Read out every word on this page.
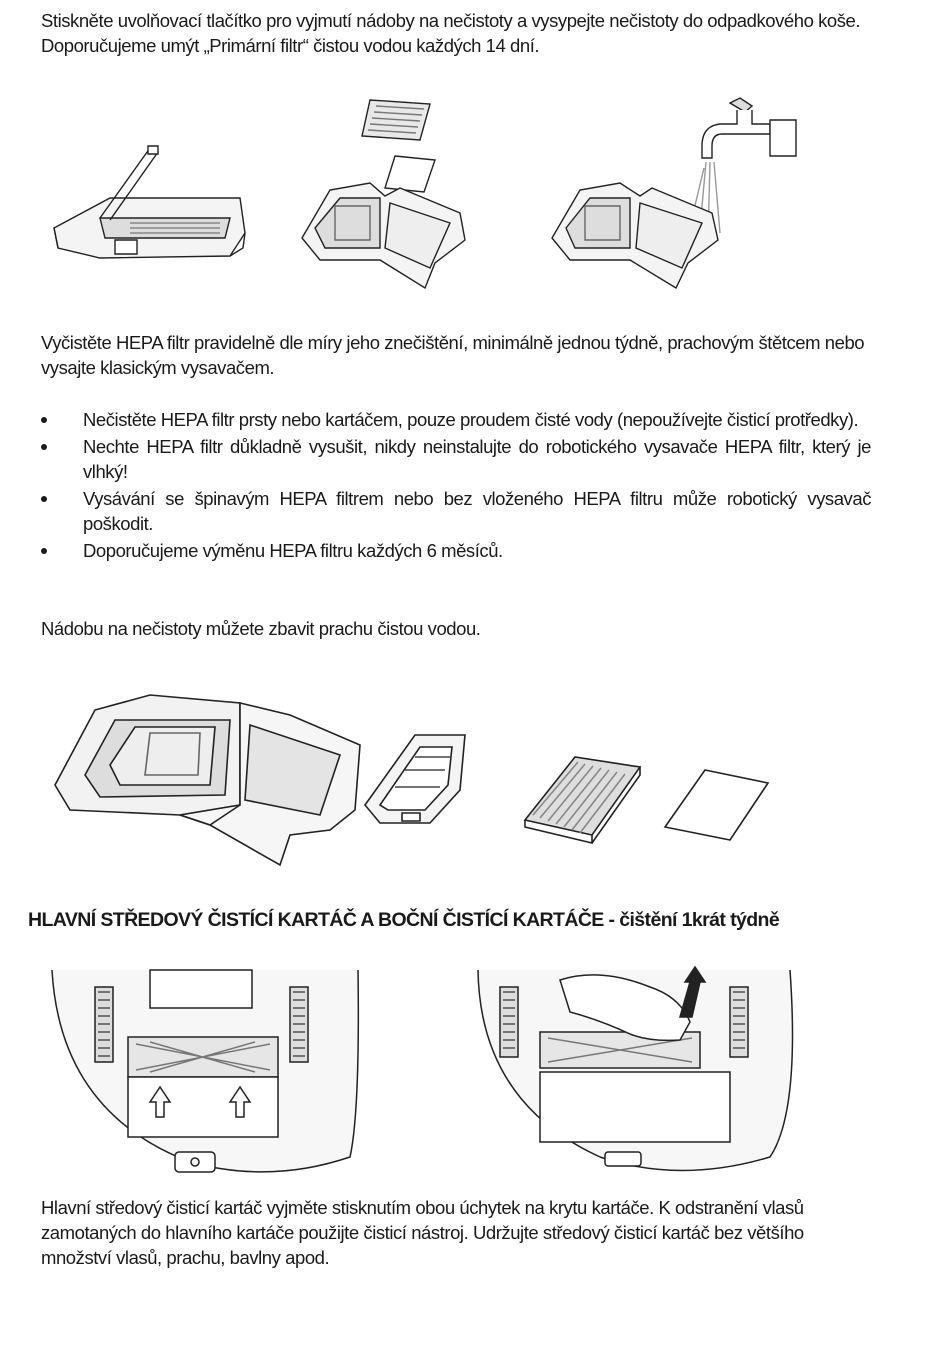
Stiskněte uvolňovací tlačítko pro vyjmutí nádoby na nečistoty a vysypejte nečistoty do odpadkového koše. Doporučujeme umýt „Primární filtr“ čistou vodou každých 14 dní.

Vyčistěte HEPA filtr pravidelně dle míry jeho znečištění, minimálně jednou týdně, prachovým štětcem nebo vysajte klasickým vysavačem.

Nečistěte HEPA filtr prsty nebo kartáčem, pouze proudem čisté vody (nepoužívejte čisticí protředky).
Nechte HEPA filtr důkladně vysušit, nikdy neinstalujte do robotického vysavače HEPA filtr, který je vlhký!
Vysávání se špinavým HEPA filtrem nebo bez vloženého HEPA filtru může robotický vysavač poškodit.
Doporučujeme výměnu HEPA filtru každých 6 měsíců.

Nádobu na nečistoty můžete zbavit prachu čistou vodou.

HLAVNÍ STŘEDOVÝ ČISTÍCÍ KARTÁČ A BOČNÍ ČISTÍCÍ KARTÁČE - čištění 1krát týdně

Hlavní středový čisticí kartáč vyjměte stisknutím obou úchytek na krytu kartáče. K odstranění vlasů zamotaných do hlavního kartáče použijte čisticí nástroj. Udržujte středový čisticí kartáč bez většího množství vlasů, prachu, bavlny apod.
